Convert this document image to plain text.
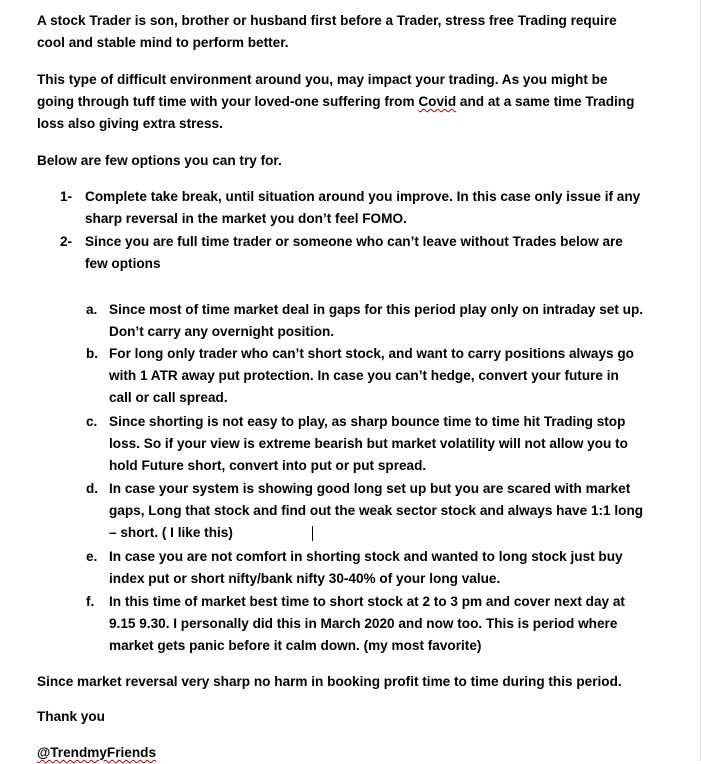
A stock Trader is son, brother or husband first before a Trader, stress free Trading require
cool and stable mind to perform better.

This type of difficult environment around you, may impact your trading. As you might be
going through tuff time with your loved-one suffering from Covid and at a same time Trading
loss also giving extra stress.

Below are few options you can try for.

1- Complete take break, until situation around you improve. In this case only issue if any
sharp reversal in the market you don’t feel FOMO.
2- Since you are full time trader or someone who can’t leave without Trades below are
few options
a. Since most of time market deal in gaps for this period play only on intraday set up.
Don’t carry any overnight position.
b. For long only trader who can’t short stock, and want to carry positions always go
with 1 ATR away put protection. In case you can’t hedge, convert your future in
call or call spread.
c. Since shorting is not easy to play, as sharp bounce time to time hit Trading stop
loss. So if your view is extreme bearish but market volatility will not allow you to
hold Future short, convert into put or put spread.
d. In case your system is showing good long set up but you are scared with market
gaps, Long that stock and find out the weak sector stock and always have 1:1 long
– short. ( I like this)
e. In case you are not comfort in shorting stock and wanted to long stock just buy
index put or short nifty/bank nifty 30-40% of your long value.
f. In this time of market best time to short stock at 2 to 3 pm and cover next day at
9.15 9.30. I personally did this in March 2020 and now too. This is period where
market gets panic before it calm down. (my most favorite)

Since market reversal very sharp no harm in booking profit time to time during this period.

Thank you

@TrendmyFriends
